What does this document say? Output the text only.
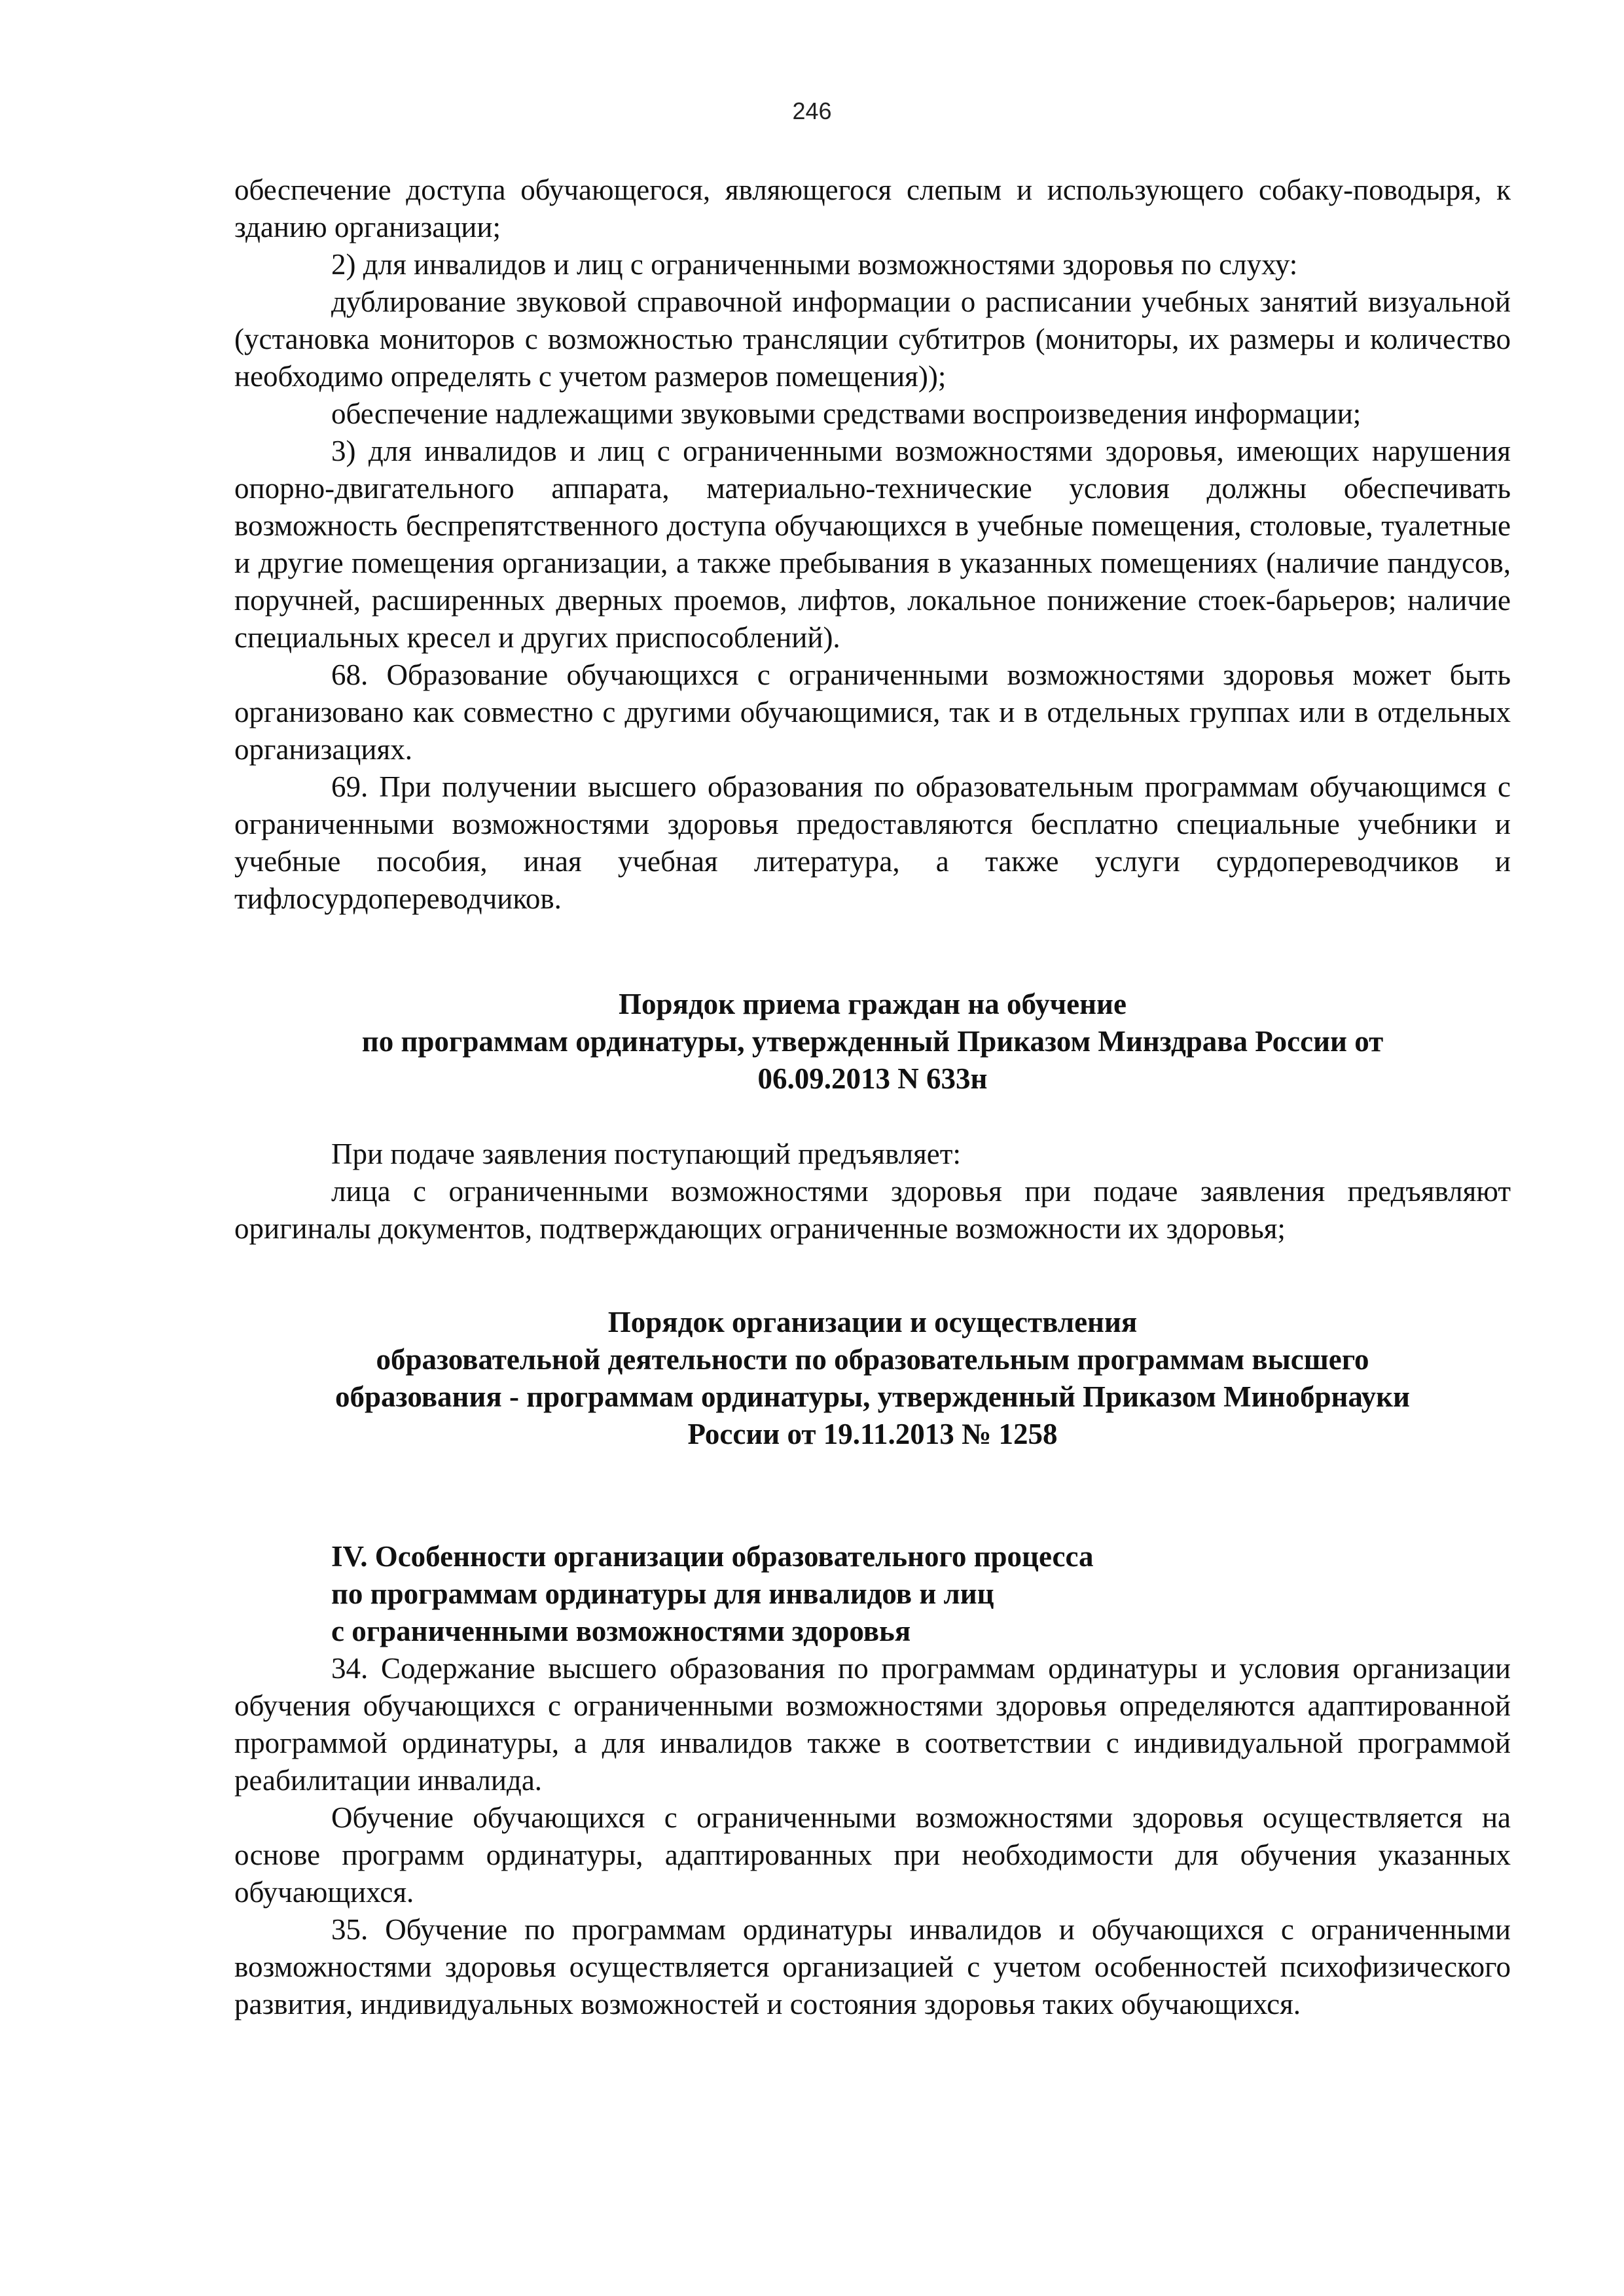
246

обеспечение доступа обучающегося, являющегося слепым и использующего собаку-поводыря, к зданию организации;

2) для инвалидов и лиц с ограниченными возможностями здоровья по слуху:

дублирование звуковой справочной информации о расписании учебных занятий визуальной (установка мониторов с возможностью трансляции субтитров (мониторы, их размеры и количество необходимо определять с учетом размеров помещения));

обеспечение надлежащими звуковыми средствами воспроизведения информации;

3) для инвалидов и лиц с ограниченными возможностями здоровья, имеющих нарушения опорно-двигательного аппарата, материально-технические условия должны обеспечивать возможность беспрепятственного доступа обучающихся в учебные помещения, столовые, туалетные и другие помещения организации, а также пребывания в указанных помещениях (наличие пандусов, поручней, расширенных дверных проемов, лифтов, локальное понижение стоек-барьеров; наличие специальных кресел и других приспособлений).

68. Образование обучающихся с ограниченными возможностями здоровья может быть организовано как совместно с другими обучающимися, так и в отдельных группах или в отдельных организациях.

69. При получении высшего образования по образовательным программам обучающимся с ограниченными возможностями здоровья предоставляются бесплатно специальные учебники и учебные пособия, иная учебная литература, а также услуги сурдопереводчиков и тифлосурдопереводчиков.

Порядок приема граждан на обучение
по программам ординатуры, утвержденный Приказом Минздрава России от
06.09.2013 N 633н

При подаче заявления поступающий предъявляет:

лица с ограниченными возможностями здоровья при подаче заявления предъявляют оригиналы документов, подтверждающих ограниченные возможности их здоровья;

Порядок организации и осуществления
образовательной деятельности по образовательным программам высшего
образования - программам ординатуры, утвержденный Приказом Минобрнауки
России от 19.11.2013 № 1258
IV. Особенности организации образовательного процесса
по программам ординатуры для инвалидов и лиц
с ограниченными возможностями здоровья

34. Содержание высшего образования по программам ординатуры и условия организации обучения обучающихся с ограниченными возможностями здоровья определяются адаптированной программой ординатуры, а для инвалидов также в соответствии с индивидуальной программой реабилитации инвалида.

Обучение обучающихся с ограниченными возможностями здоровья осуществляется на основе программ ординатуры, адаптированных при необходимости для обучения указанных обучающихся.

35. Обучение по программам ординатуры инвалидов и обучающихся с ограниченными возможностями здоровья осуществляется организацией с учетом особенностей психофизического развития, индивидуальных возможностей и состояния здоровья таких обучающихся.
